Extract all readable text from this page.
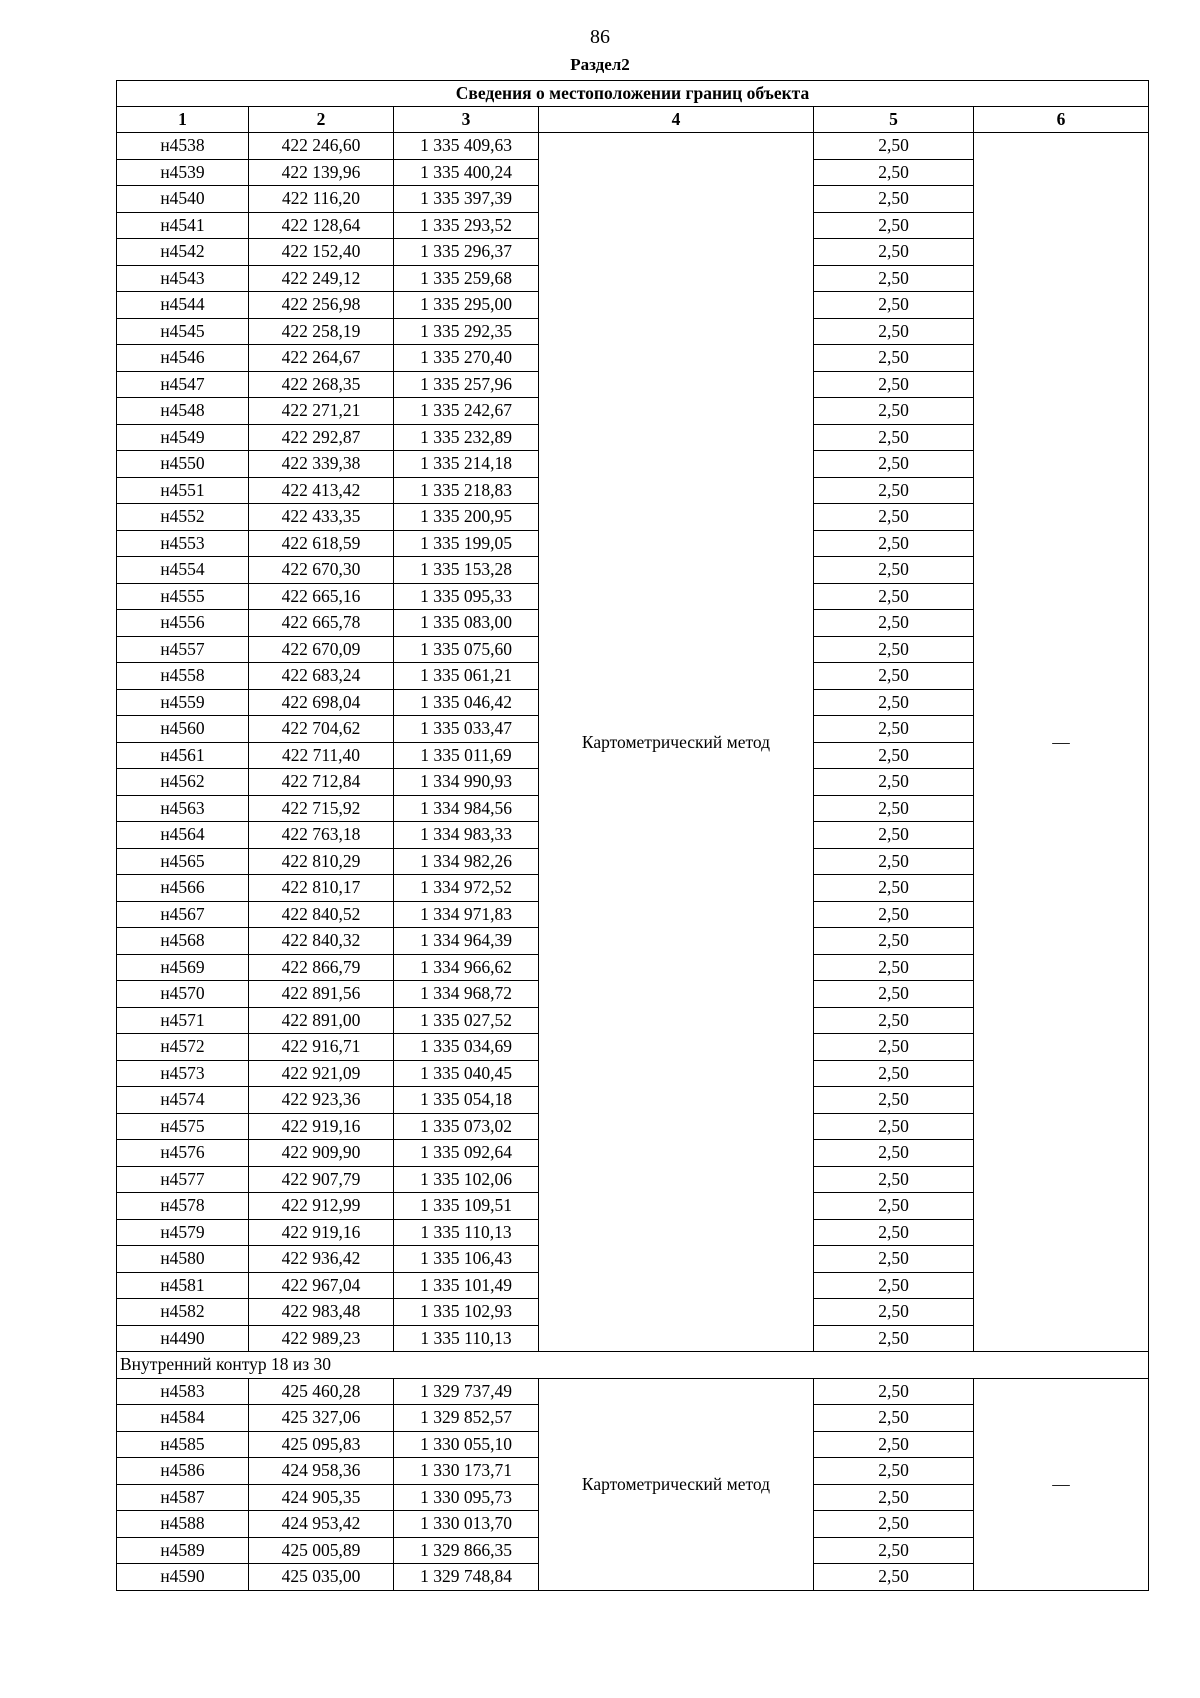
86
Раздел2
Сведения о местоположении границ объекта					
1	2	3	4	5	6
н4538	422 246,60	1 335 409,63	Картометрический метод	2,50	—
н4539	422 139,96	1 335 400,24		2,50	
н4540	422 116,20	1 335 397,39		2,50	
н4541	422 128,64	1 335 293,52		2,50	
н4542	422 152,40	1 335 296,37		2,50	
н4543	422 249,12	1 335 259,68		2,50	
н4544	422 256,98	1 335 295,00		2,50	
н4545	422 258,19	1 335 292,35		2,50	
н4546	422 264,67	1 335 270,40		2,50	
н4547	422 268,35	1 335 257,96		2,50	
н4548	422 271,21	1 335 242,67		2,50	
н4549	422 292,87	1 335 232,89		2,50	
н4550	422 339,38	1 335 214,18		2,50	
н4551	422 413,42	1 335 218,83		2,50	
н4552	422 433,35	1 335 200,95		2,50	
н4553	422 618,59	1 335 199,05		2,50	
н4554	422 670,30	1 335 153,28		2,50	
н4555	422 665,16	1 335 095,33		2,50	
н4556	422 665,78	1 335 083,00		2,50	
н4557	422 670,09	1 335 075,60		2,50	
н4558	422 683,24	1 335 061,21		2,50	
н4559	422 698,04	1 335 046,42		2,50	
н4560	422 704,62	1 335 033,47		2,50	
н4561	422 711,40	1 335 011,69		2,50	
н4562	422 712,84	1 334 990,93		2,50	
н4563	422 715,92	1 334 984,56		2,50	
н4564	422 763,18	1 334 983,33		2,50	
н4565	422 810,29	1 334 982,26		2,50	
н4566	422 810,17	1 334 972,52		2,50	
н4567	422 840,52	1 334 971,83		2,50	
н4568	422 840,32	1 334 964,39		2,50	
н4569	422 866,79	1 334 966,62		2,50	
н4570	422 891,56	1 334 968,72		2,50	
н4571	422 891,00	1 335 027,52		2,50	
н4572	422 916,71	1 335 034,69		2,50	
н4573	422 921,09	1 335 040,45		2,50	
н4574	422 923,36	1 335 054,18		2,50	
н4575	422 919,16	1 335 073,02		2,50	
н4576	422 909,90	1 335 092,64		2,50	
н4577	422 907,79	1 335 102,06		2,50	
н4578	422 912,99	1 335 109,51		2,50	
н4579	422 919,16	1 335 110,13		2,50	
н4580	422 936,42	1 335 106,43		2,50	
н4581	422 967,04	1 335 101,49		2,50	
н4582	422 983,48	1 335 102,93		2,50	
н4490	422 989,23	1 335 110,13		2,50	
Внутренний контур 18 из 30					
н4583	425 460,28	1 329 737,49	Картометрический метод	2,50	—
н4584	425 327,06	1 329 852,57		2,50	
н4585	425 095,83	1 330 055,10		2,50	
н4586	424 958,36	1 330 173,71		2,50	
н4587	424 905,35	1 330 095,73		2,50	
н4588	424 953,42	1 330 013,70		2,50	
н4589	425 005,89	1 329 866,35		2,50	
н4590	425 035,00	1 329 748,84		2,50	
